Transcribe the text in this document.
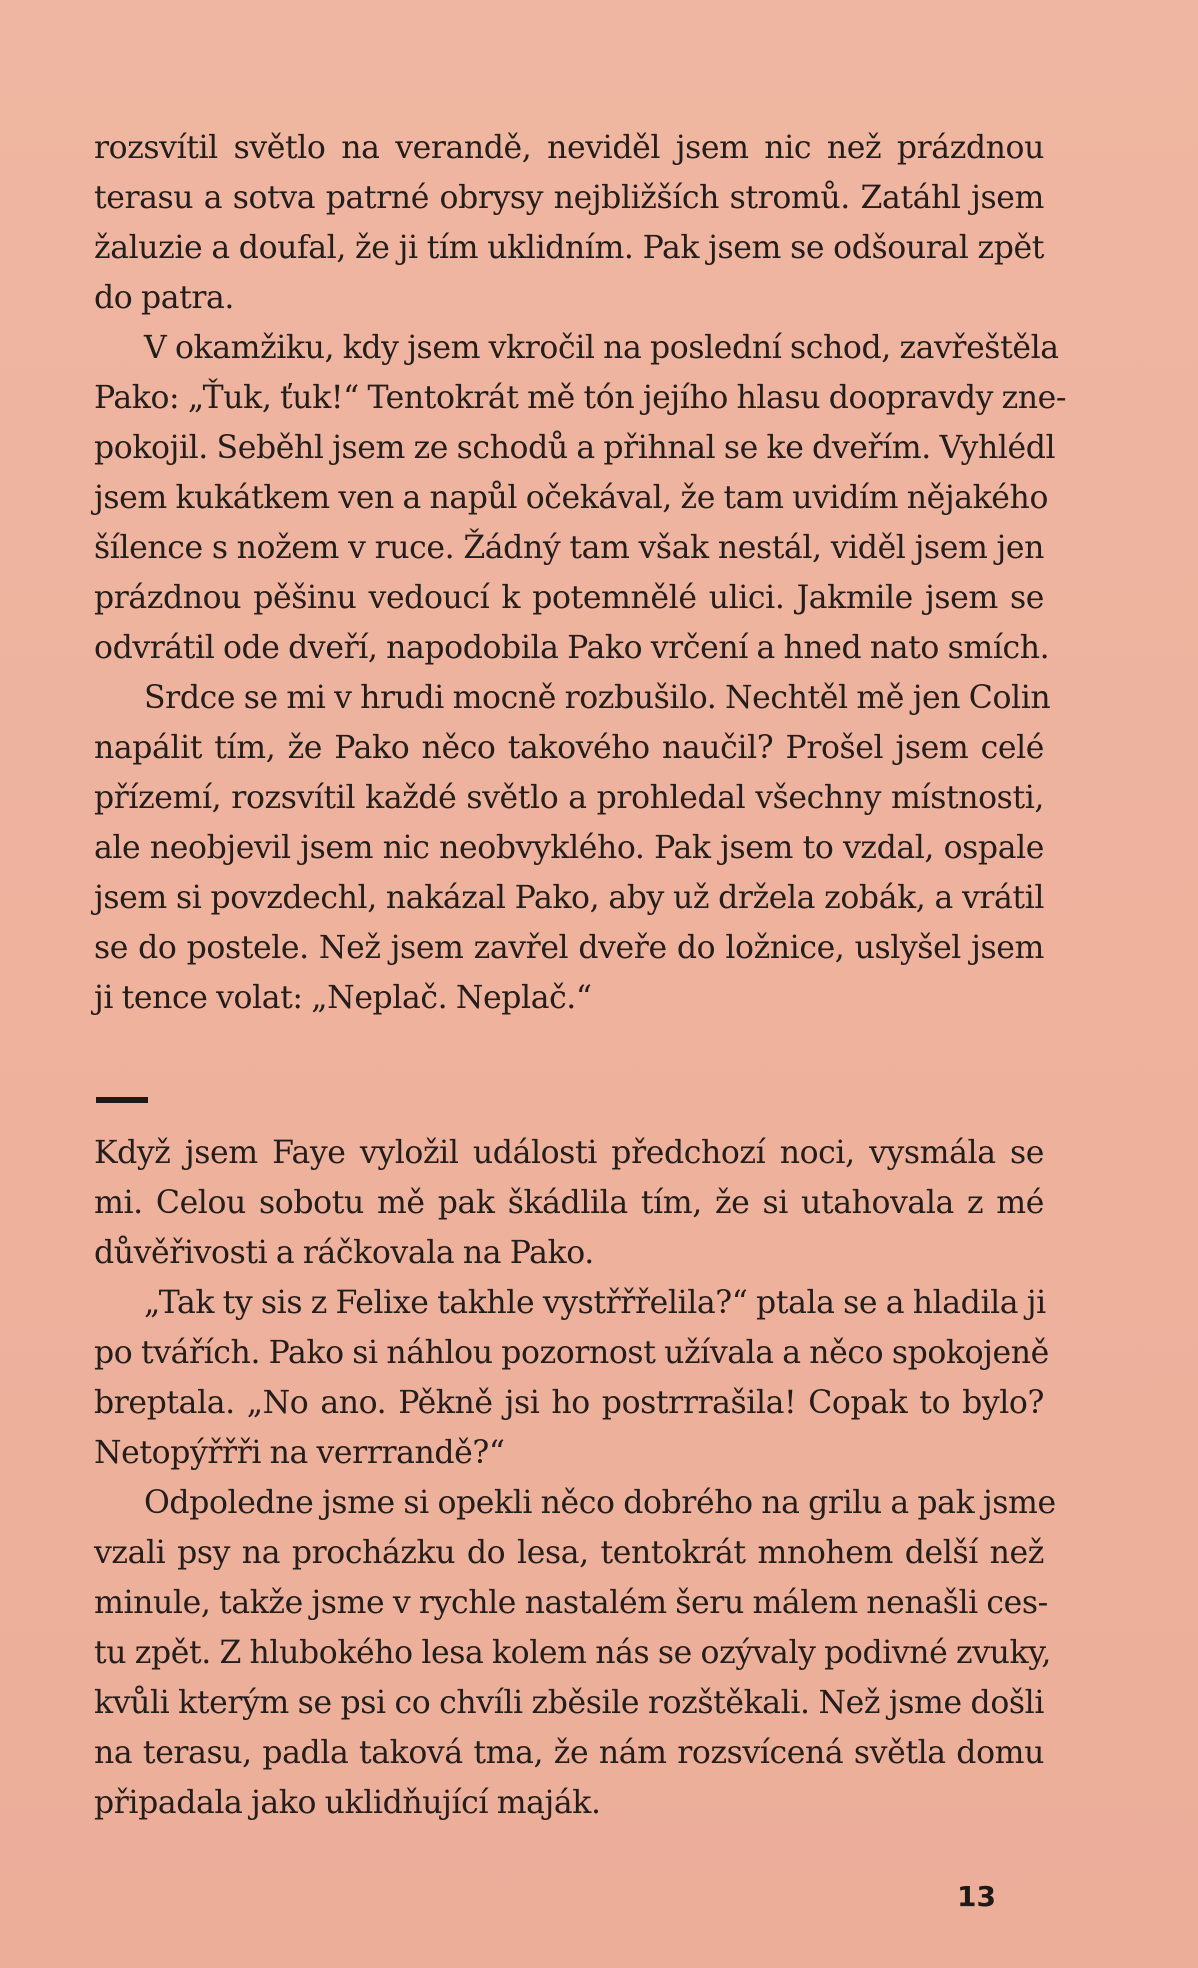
rozsvítil světlo na verandě, neviděl jsem nic než prázdnou
terasu a sotva patrné obrysy nejbližších stromů. Zatáhl jsem
žaluzie a doufal, že ji tím uklidním. Pak jsem se odšoural zpět
do patra.
V okamžiku, kdy jsem vkročil na poslední schod, zavřeštěla
Pako: „Ťuk, ťuk!“ Tentokrát mě tón jejího hlasu doopravdy zne-
pokojil. Seběhl jsem ze schodů a přihnal se ke dveřím. Vyhlédl
jsem kukátkem ven a napůl očekával, že tam uvidím nějakého
šílence s nožem v ruce. Žádný tam však nestál, viděl jsem jen
prázdnou pěšinu vedoucí k potemnělé ulici. Jakmile jsem se
odvrátil ode dveří, napodobila Pako vrčení a hned nato smích.
Srdce se mi v hrudi mocně rozbušilo. Nechtěl mě jen Colin
napálit tím, že Pako něco takového naučil? Prošel jsem celé
přízemí, rozsvítil každé světlo a prohledal všechny místnosti,
ale neobjevil jsem nic neobvyklého. Pak jsem to vzdal, ospale
jsem si povzdechl, nakázal Pako, aby už držela zobák, a vrátil
se do postele. Než jsem zavřel dveře do ložnice, uslyšel jsem
ji tence volat: „Neplač. Neplač.“
Když jsem Faye vyložil události předchozí noci, vysmála se
mi. Celou sobotu mě pak škádlila tím, že si utahovala z mé
důvěřivosti a ráčkovala na Pako.
„Tak ty sis z Felixe takhle vystřřřelila?“ ptala se a hladila ji
po tvářích. Pako si náhlou pozornost užívala a něco spokojeně
breptala. „No ano. Pěkně jsi ho postrrrašila! Copak to bylo?
Netopýřřři na verrrandě?“
Odpoledne jsme si opekli něco dobrého na grilu a pak jsme
vzali psy na procházku do lesa, tentokrát mnohem delší než
minule, takže jsme v rychle nastalém šeru málem nenašli ces-
tu zpět. Z hlubokého lesa kolem nás se ozývaly podivné zvuky,
kvůli kterým se psi co chvíli zběsile rozštěkali. Než jsme došli
na terasu, padla taková tma, že nám rozsvícená světla domu
připadala jako uklidňující maják.
13
